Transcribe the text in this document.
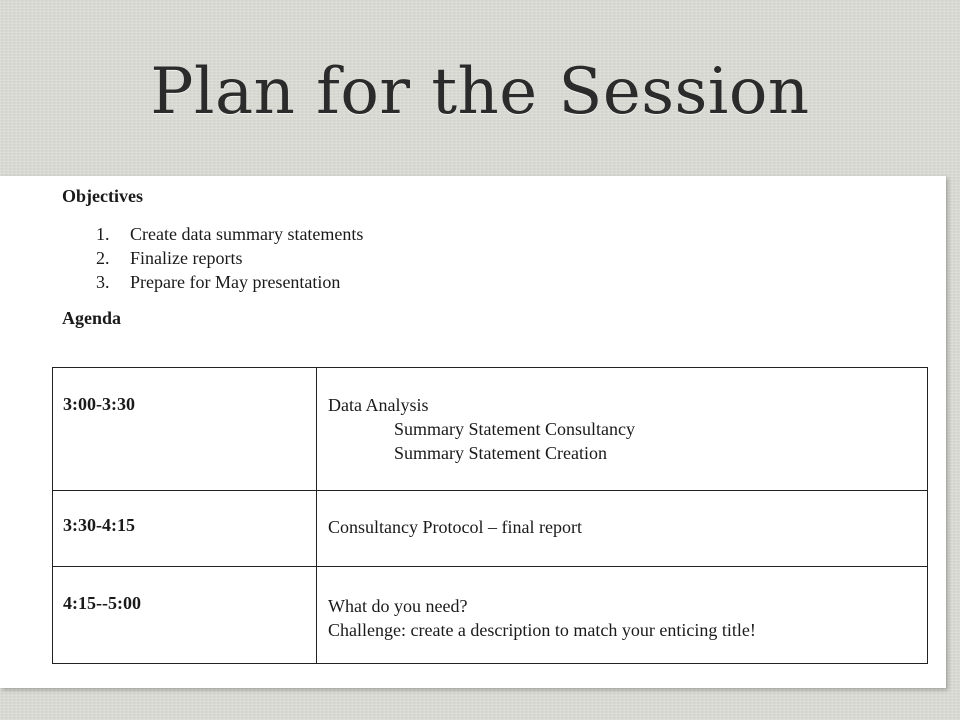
Plan for the Session
Objectives
1.	Create data summary statements
2.	Finalize reports
3.	Prepare for May presentation
Agenda
3:00-3:30	Data Analysis
Summary Statement Consultancy
Summary Statement Creation

3:30-4:15	Consultancy Protocol – final report

4:15--5:00	What do you need?
Challenge: create a description to match your enticing title!
